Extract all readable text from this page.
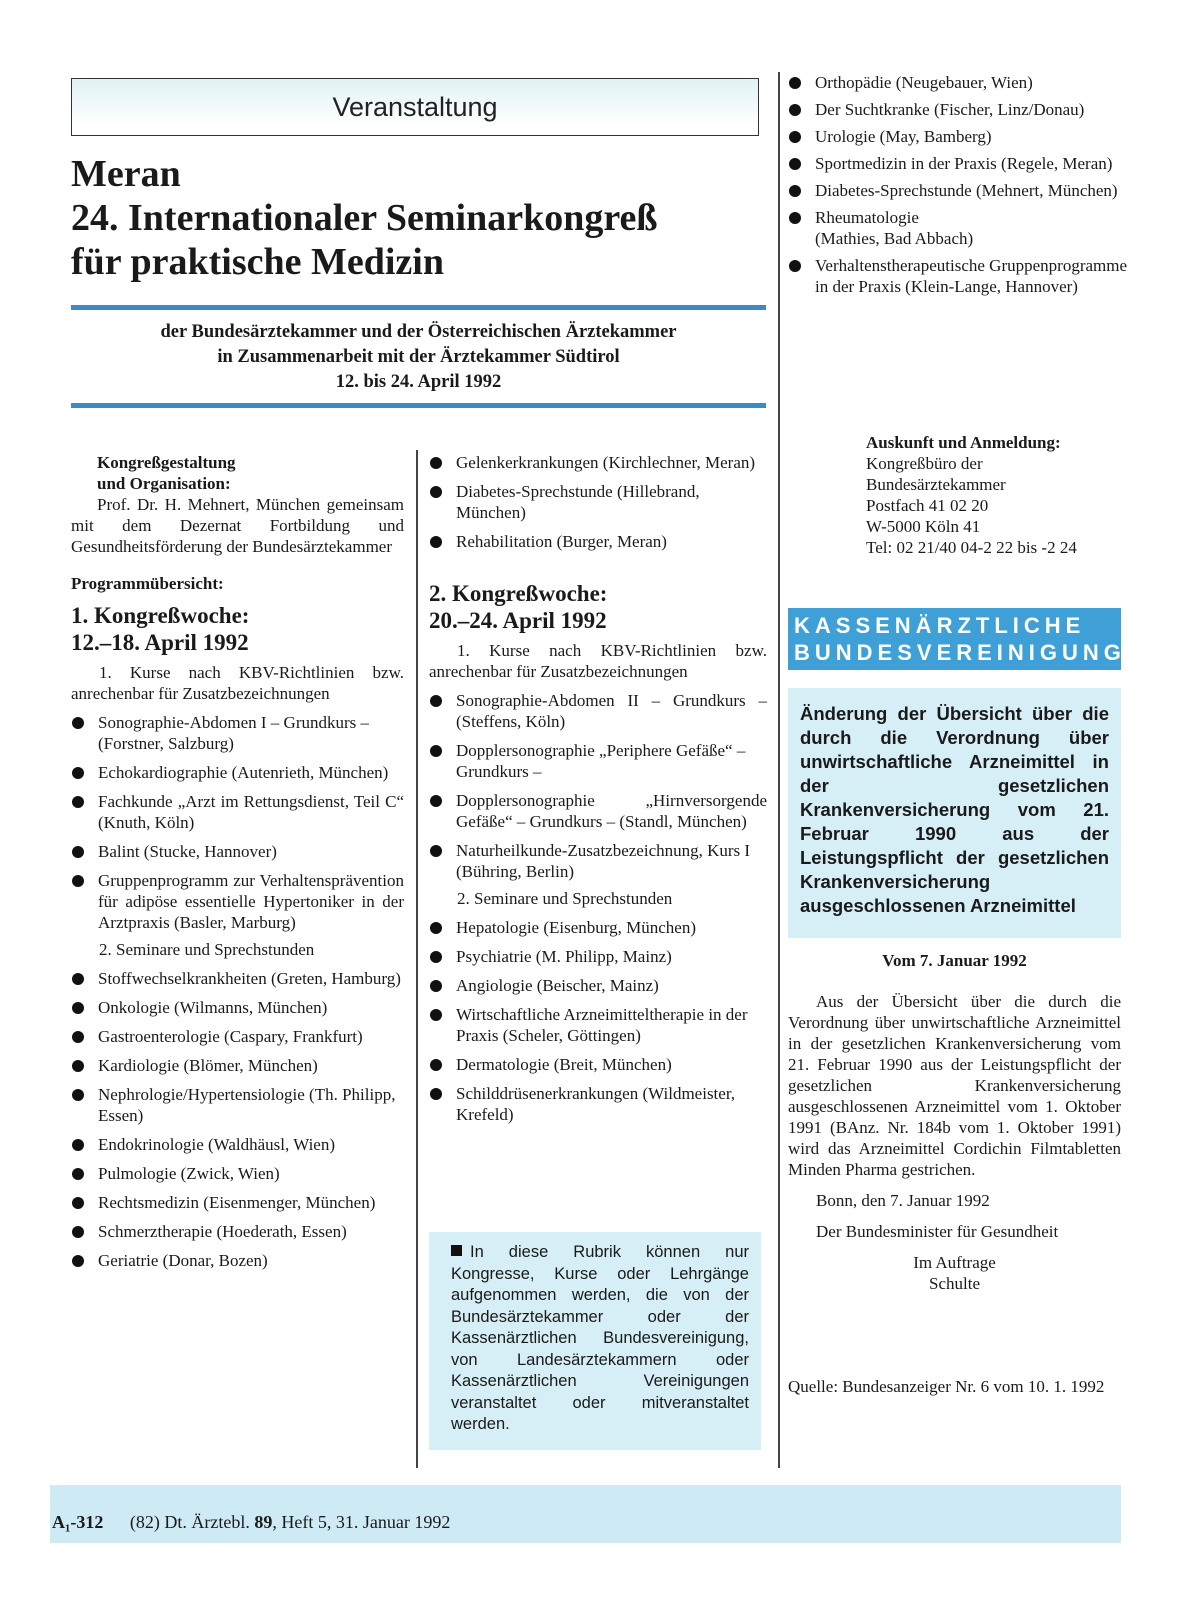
Veranstaltung
Meran
24. Internationaler Seminarkongreß
für praktische Medizin
der Bundesärztekammer und der Österreichischen Ärztekammer
in Zusammenarbeit mit der Ärztekammer Südtirol
12. bis 24. April 1992
Kongreßgestaltung
und Organisation:
Prof. Dr. H. Mehnert, München gemeinsam mit dem Dezernat Fortbildung und Gesundheitsförderung der Bundesärztekammer
Programmübersicht:
1. Kongreßwoche:
12.–18. April 1992
1. Kurse nach KBV-Richtlinien bzw. anrechenbar für Zusatzbezeichnungen
Sonographie-Abdomen I – Grundkurs – (Forstner, Salzburg)
Echokardiographie (Autenrieth, München)
Fachkunde „Arzt im Rettungsdienst, Teil C“ (Knuth, Köln)
Balint (Stucke, Hannover)
Gruppenprogramm zur Verhaltensprävention für adipöse essentielle Hypertoniker in der Arztpraxis (Basler, Marburg)
2. Seminare und Sprechstunden
Stoffwechselkrankheiten (Greten, Hamburg)
Onkologie (Wilmanns, München)
Gastroenterologie (Caspary, Frankfurt)
Kardiologie (Blömer, München)
Nephrologie/Hypertensiologie (Th. Philipp, Essen)
Endokrinologie (Waldhäusl, Wien)
Pulmologie (Zwick, Wien)
Rechtsmedizin (Eisenmenger, München)
Schmerztherapie (Hoederath, Essen)
Geriatrie (Donar, Bozen)
Gelenkerkrankungen (Kirchlechner, Meran)
Diabetes-Sprechstunde (Hillebrand, München)
Rehabilitation (Burger, Meran)
2. Kongreßwoche:
20.–24. April 1992
1. Kurse nach KBV-Richtlinien bzw. anrechenbar für Zusatzbezeichnungen
Sonographie-Abdomen II – Grundkurs – (Steffens, Köln)
Dopplersonographie „Periphere Gefäße“ – Grundkurs –
Dopplersonographie „Hirnversorgende Gefäße“ – Grundkurs – (Standl, München)
Naturheilkunde-Zusatzbezeichnung, Kurs I (Bühring, Berlin)
2. Seminare und Sprechstunden
Hepatologie (Eisenburg, München)
Psychiatrie (M. Philipp, Mainz)
Angiologie (Beischer, Mainz)
Wirtschaftliche Arzneimitteltherapie in der Praxis (Scheler, Göttingen)
Dermatologie (Breit, München)
Schilddrüsenerkrankungen (Wildmeister, Krefeld)

In diese Rubrik können nur Kongresse, Kurse oder Lehrgänge aufgenommen werden, die von der Bundesärztekammer oder der Kassenärztlichen Bundesvereinigung, von Landesärztekammern oder Kassenärztlichen Vereinigungen veranstaltet oder mitveranstaltet werden.

Orthopädie (Neugebauer, Wien)
Der Suchtkranke (Fischer, Linz/Donau)
Urologie (May, Bamberg)
Sportmedizin in der Praxis (Regele, Meran)
Diabetes-Sprechstunde (Mehnert, München)
Rheumatologie (Mathies, Bad Abbach)
Verhaltenstherapeutische Gruppenprogramme in der Praxis (Klein-Lange, Hannover)
Auskunft und Anmeldung:
Kongreßbüro der
Bundesärztekammer
Postfach 41 02 20
W-5000 Köln 41
Tel: 02 21/40 04-2 22 bis -2 24
KASSENÄRZTLICHE
BUNDESVEREINIGUNG

Änderung der Übersicht über die durch die Verordnung über unwirtschaftliche Arzneimittel in der gesetzlichen Krankenversicherung vom 21. Februar 1990 aus der Leistungspflicht der gesetzlichen Krankenversicherung ausgeschlossenen Arzneimittel

Vom 7. Januar 1992
Aus der Übersicht über die durch die Verordnung über unwirtschaftliche Arzneimittel in der gesetzlichen Krankenversicherung vom 21. Februar 1990 aus der Leistungspflicht der gesetzlichen Krankenversicherung ausgeschlossenen Arzneimittel vom 1. Oktober 1991 (BAnz. Nr. 184b vom 1. Oktober 1991) wird das Arzneimittel Cordichin Filmtabletten Minden Pharma gestrichen.
Bonn, den 7. Januar 1992
Der Bundesminister für Gesundheit
Im Auftrage
Schulte
Quelle: Bundesanzeiger Nr. 6 vom 10. 1. 1992
A₁-312 (82) Dt. Ärztebl. 89, Heft 5, 31. Januar 1992
